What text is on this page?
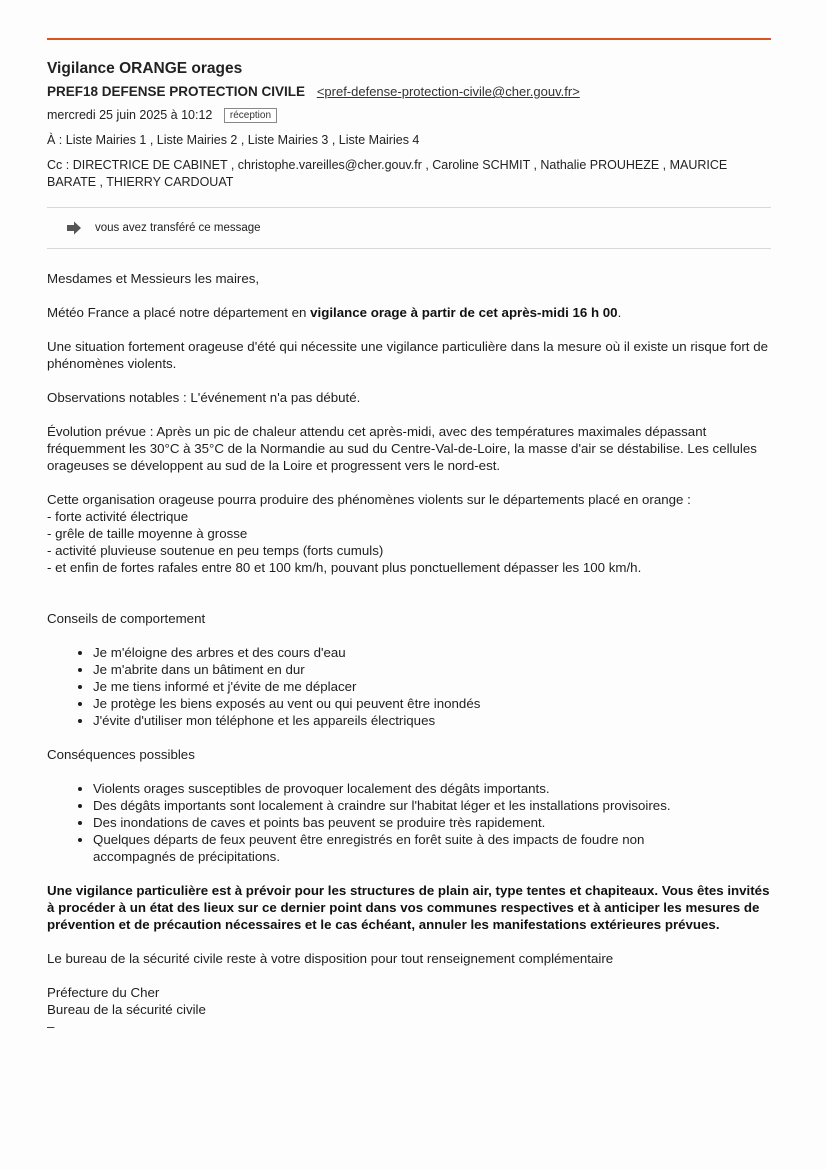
Vigilance ORANGE orages
PREF18 DEFENSE PROTECTION CIVILE <pref-defense-protection-civile@cher.gouv.fr>
mercredi 25 juin 2025 à 10:12 réception
À : Liste Mairies 1 , Liste Mairies 2 , Liste Mairies 3 , Liste Mairies 4
Cc : DIRECTRICE DE CABINET , christophe.vareilles@cher.gouv.fr , Caroline SCHMIT , Nathalie PROUHEZE , MAURICE BARATE , THIERRY CARDOUAT
vous avez transféré ce message

Mesdames et Messieurs les maires,

Météo France a placé notre département en vigilance orage à partir de cet après-midi 16 h 00.

Une situation fortement orageuse d'été qui nécessite une vigilance particulière dans la mesure où il existe un risque fort de phénomènes violents.

Observations notables : L'événement n'a pas débuté.

Évolution prévue : Après un pic de chaleur attendu cet après-midi, avec des températures maximales dépassant fréquemment les 30°C à 35°C de la Normandie au sud du Centre-Val-de-Loire, la masse d'air se déstabilise. Les cellules orageuses se développent au sud de la Loire et progressent vers le nord-est.

Cette organisation orageuse pourra produire des phénomènes violents sur le départements placé en orange :
- forte activité électrique
- grêle de taille moyenne à grosse
- activité pluvieuse soutenue en peu temps (forts cumuls)
- et enfin de fortes rafales entre 80 et 100 km/h, pouvant plus ponctuellement dépasser les 100 km/h.

Conseils de comportement

• Je m'éloigne des arbres et des cours d'eau
• Je m'abrite dans un bâtiment en dur
• Je me tiens informé et j'évite de me déplacer
• Je protège les biens exposés au vent ou qui peuvent être inondés
• J'évite d'utiliser mon téléphone et les appareils électriques

Conséquences possibles

• Violents orages susceptibles de provoquer localement des dégâts importants.
• Des dégâts importants sont localement à craindre sur l'habitat léger et les installations provisoires.
• Des inondations de caves et points bas peuvent se produire très rapidement.
• Quelques départs de feux peuvent être enregistrés en forêt suite à des impacts de foudre non accompagnés de précipitations.

Une vigilance particulière est à prévoir pour les structures de plain air, type tentes et chapiteaux. Vous êtes invités à procéder à un état des lieux sur ce dernier point dans vos communes respectives et à anticiper les mesures de prévention et de précaution nécessaires et le cas échéant, annuler les manifestations extérieures prévues.

Le bureau de la sécurité civile reste à votre disposition pour tout renseignement complémentaire

Préfecture du Cher

Bureau de la sécurité civile

–
